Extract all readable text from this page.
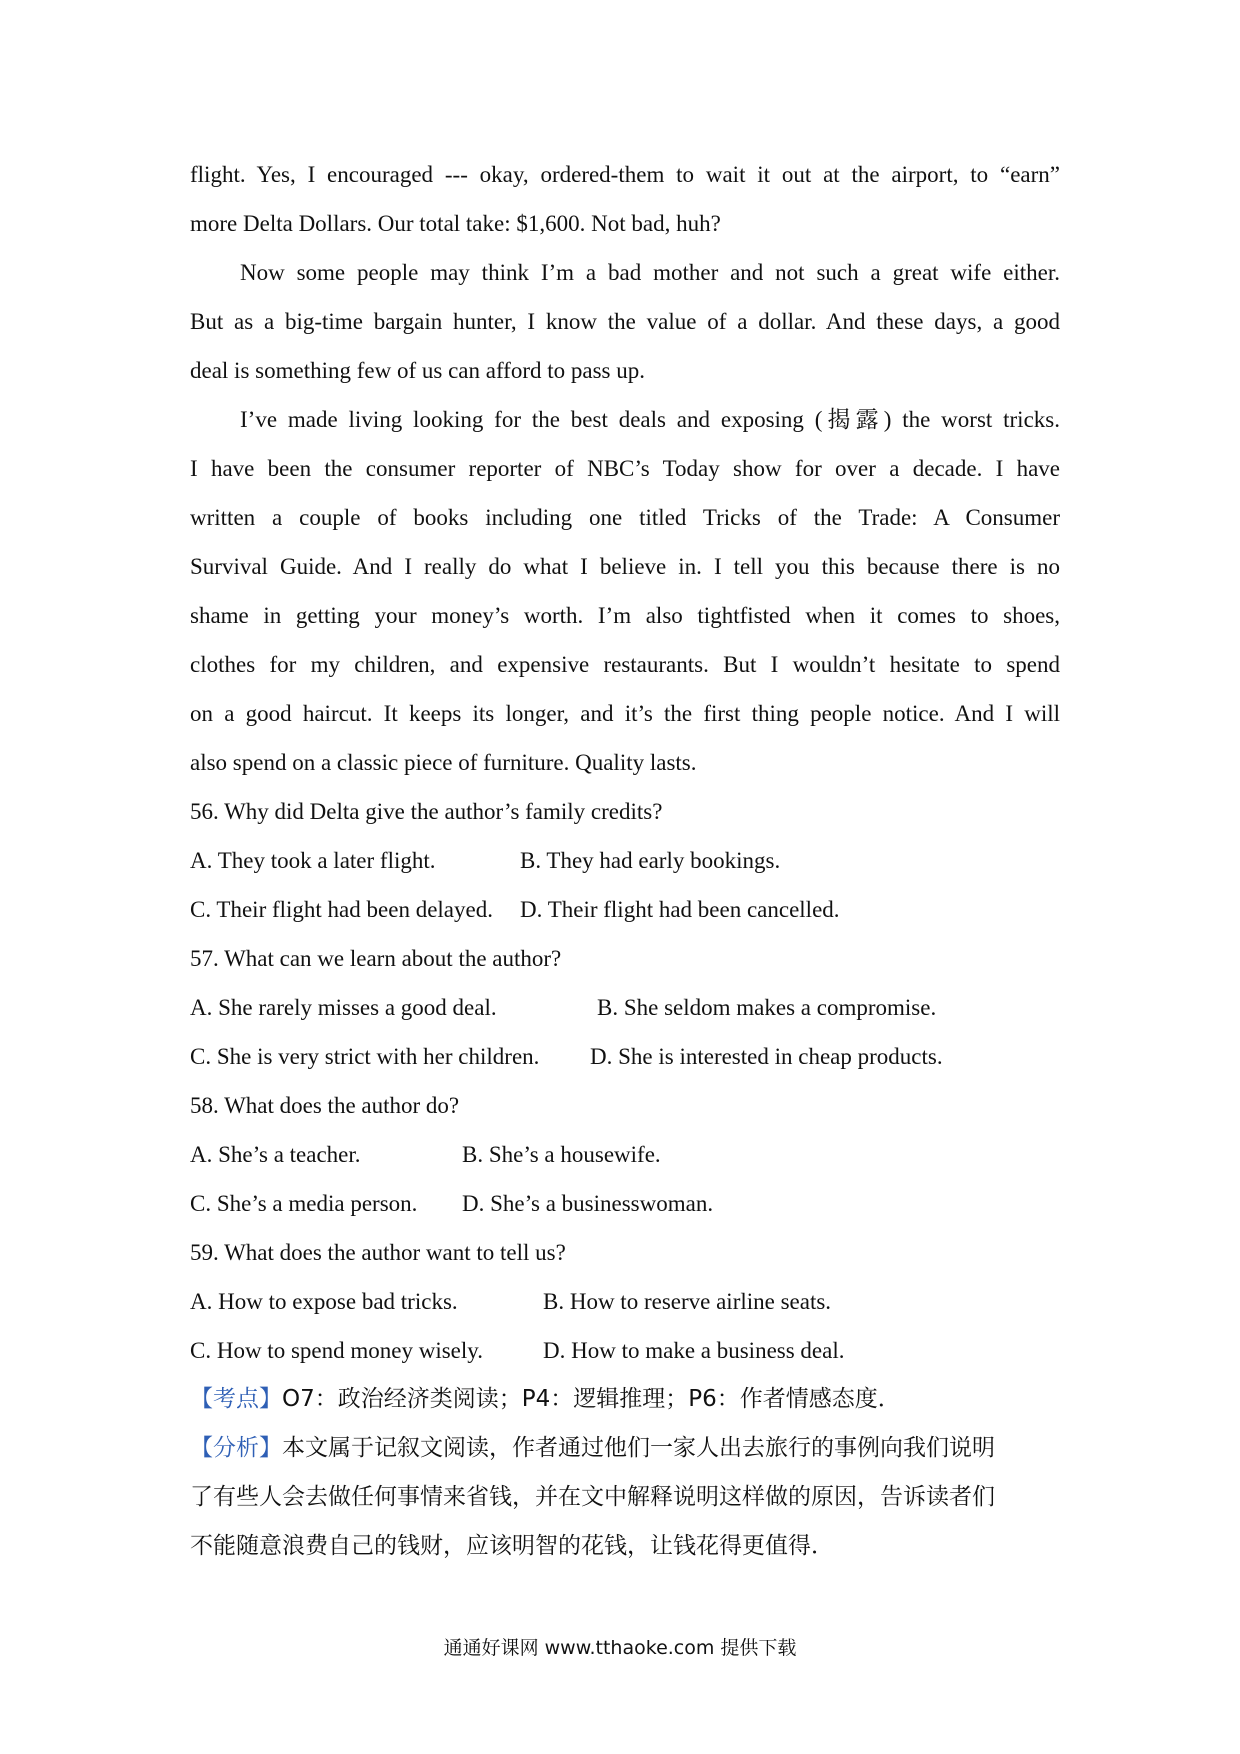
flight. Yes, I encouraged --- okay, ordered-them to wait it out at the airport, to “earn”
more Delta Dollars. Our total take: $1,600. Not bad, huh?
Now some people may think I’m a bad mother and not such a great wife either.
But as a big-time bargain hunter, I know the value of a dollar. And these days, a good
deal is something few of us can afford to pass up.
I’ve made living looking for the best deals and exposing (揭露) the worst tricks.
I have been the consumer reporter of NBC’s Today show for over a decade. I have
written a couple of books including one titled Tricks of the Trade: A Consumer
Survival Guide. And I really do what I believe in. I tell you this because there is no
shame in getting your money’s worth. I’m also tightfisted when it comes to shoes,
clothes for my children, and expensive restaurants. But I wouldn’t hesitate to spend
on a good haircut. It keeps its longer, and it’s the first thing people notice. And I will
also spend on a classic piece of furniture. Quality lasts.
56. Why did Delta give the author’s family credits?
A. They took a later flight.	B. They had early bookings.
C. Their flight had been delayed.	D. Their flight had been cancelled.
57. What can we learn about the author?
A. She rarely misses a good deal.	B. She seldom makes a compromise.
C. She is very strict with her children.	D. She is interested in cheap products.
58. What does the author do?
A. She’s a teacher.	B. She’s a housewife.
C. She’s a media person.	D. She’s a businesswoman.
59. What does the author want to tell us?
A. How to expose bad tricks.	B. How to reserve airline seats.
C. How to spend money wisely.	D. How to make a business deal.
【考点】O7：政治经济类阅读；P4：逻辑推理；P6：作者情感态度．
【分析】本文属于记叙文阅读，作者通过他们一家人出去旅行的事例向我们说明
了有些人会去做任何事情来省钱，并在文中解释说明这样做的原因，告诉读者们
不能随意浪费自己的钱财，应该明智的花钱，让钱花得更值得．
通通好课网 www.tthaoke.com 提供下载
